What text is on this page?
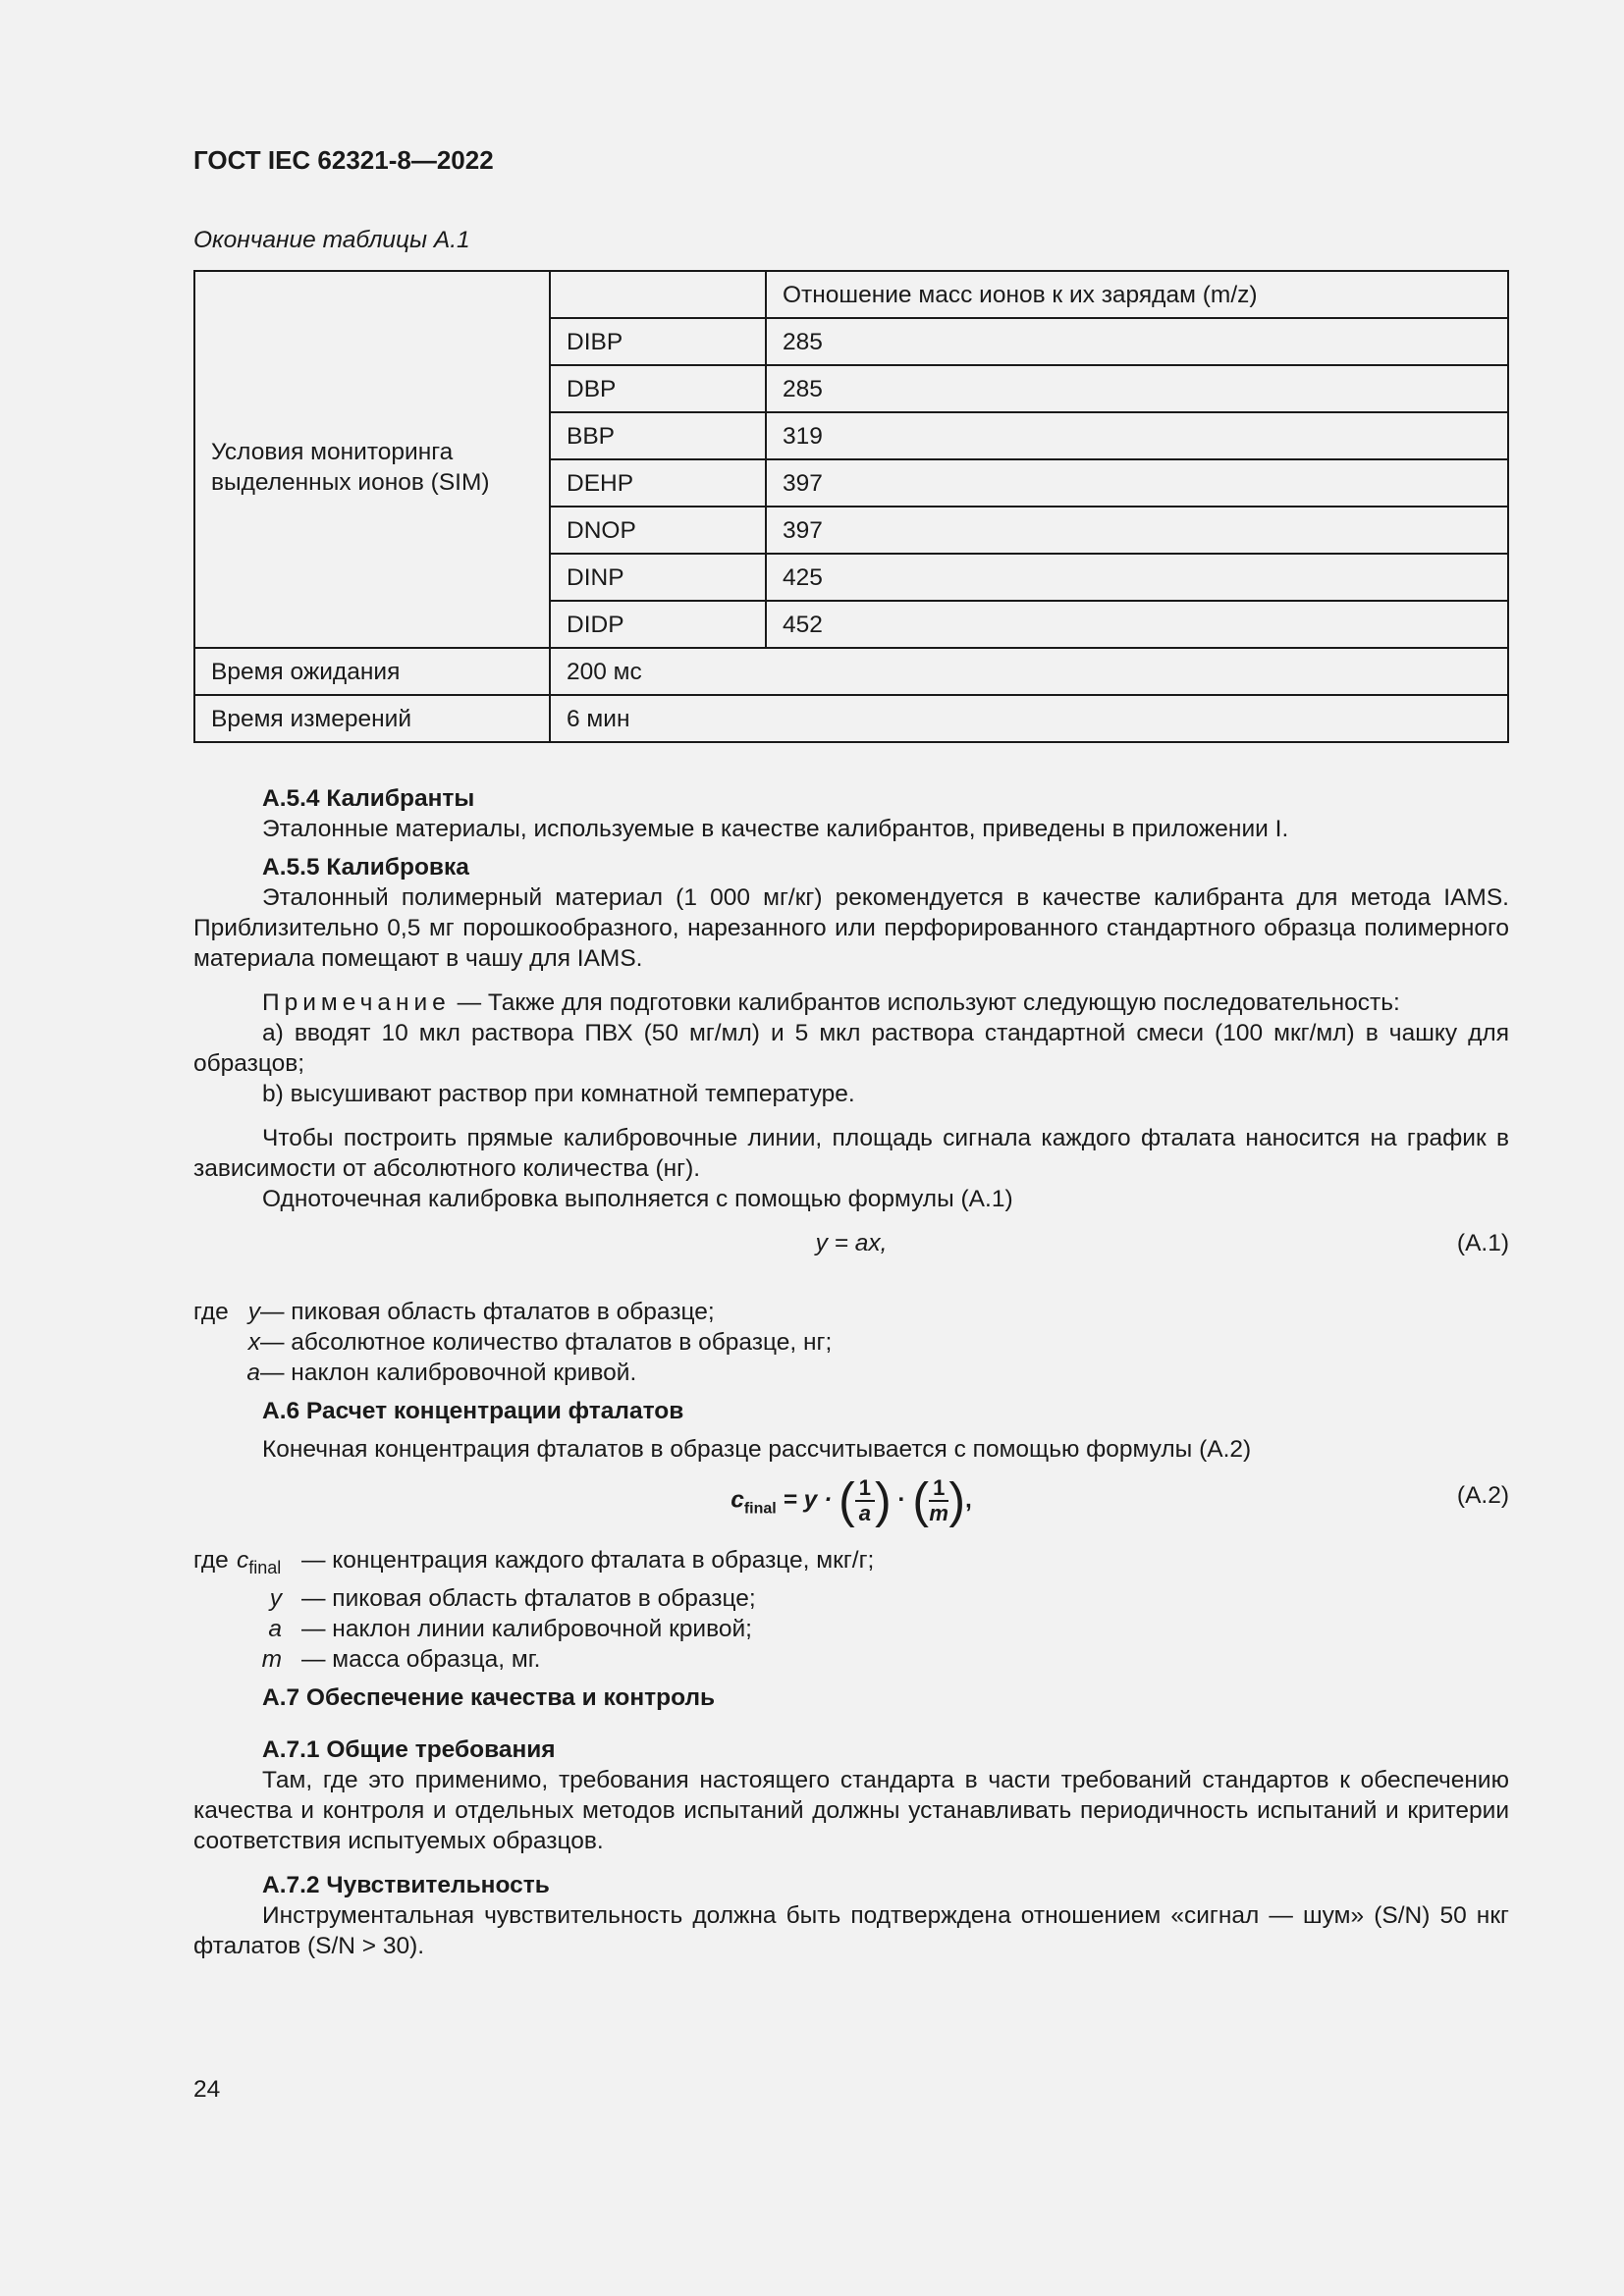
ГОСТ IEC 62321-8—2022
Окончание таблицы А.1
Условия мониторинга выделенных ионов (SIM)		Отношение масс ионов к их зарядам (m/z)
	DIBP	285
	DBP	285
	BBP	319
	DEHP	397
	DNOP	397
	DINP	425
	DIDP	452
Время ожидания	200 мс	
Время измерений	6 мин	

А.5.4 Калибранты

Эталонные материалы, используемые в качестве калибрантов, приведены в приложении I.

А.5.5 Калибровка

Эталонный полимерный материал (1 000 мг/кг) рекомендуется в качестве калибранта для метода IAMS. Приблизительно 0,5 мг порошкообразного, нарезанного или перфорированного стандартного образца полимерного материала помещают в чашу для IAMS.

Примечание — Также для подготовки калибрантов используют следующую последовательность:

a) вводят 10 мкл раствора ПВХ (50 мг/мл) и 5 мкл раствора стандартной смеси (100 мкг/мл) в чашку для образцов;

b) высушивают раствор при комнатной температуре.

Чтобы построить прямые калибровочные линии, площадь сигнала каждого фталата наносится на график в зависимости от абсолютного количества (нг).

Одноточечная калибровка выполняется с помощью формулы (А.1)

y = ax,	(А.1)
где y — пиковая область фталатов в образце;
x — абсолютное количество фталатов в образце, нг;
a — наклон калибровочной кривой.

А.6 Расчет концентрации фталатов

Конечная концентрация фталатов в образце рассчитывается с помощью формулы (А.2)

$c_{final} = y$ · ( $\frac{1}{a}$ ) · ( $\frac{1}{m}$ ),	(А.2)
где $c_{final}$ — концентрация каждого фталата в образце, мкг/г;
y — пиковая область фталатов в образце;
a — наклон линии калибровочной кривой;
m — масса образца, мг.

А.7 Обеспечение качества и контроль

А.7.1 Общие требования

Там, где это применимо, требования настоящего стандарта в части требований стандартов к обеспечению качества и контроля и отдельных методов испытаний должны устанавливать периодичность испытаний и критерии соответствия испытуемых образцов.

А.7.2 Чувствительность

Инструментальная чувствительность должна быть подтверждена отношением «сигнал — шум» (S/N) 50 нкг фталатов (S/N > 30).

24
